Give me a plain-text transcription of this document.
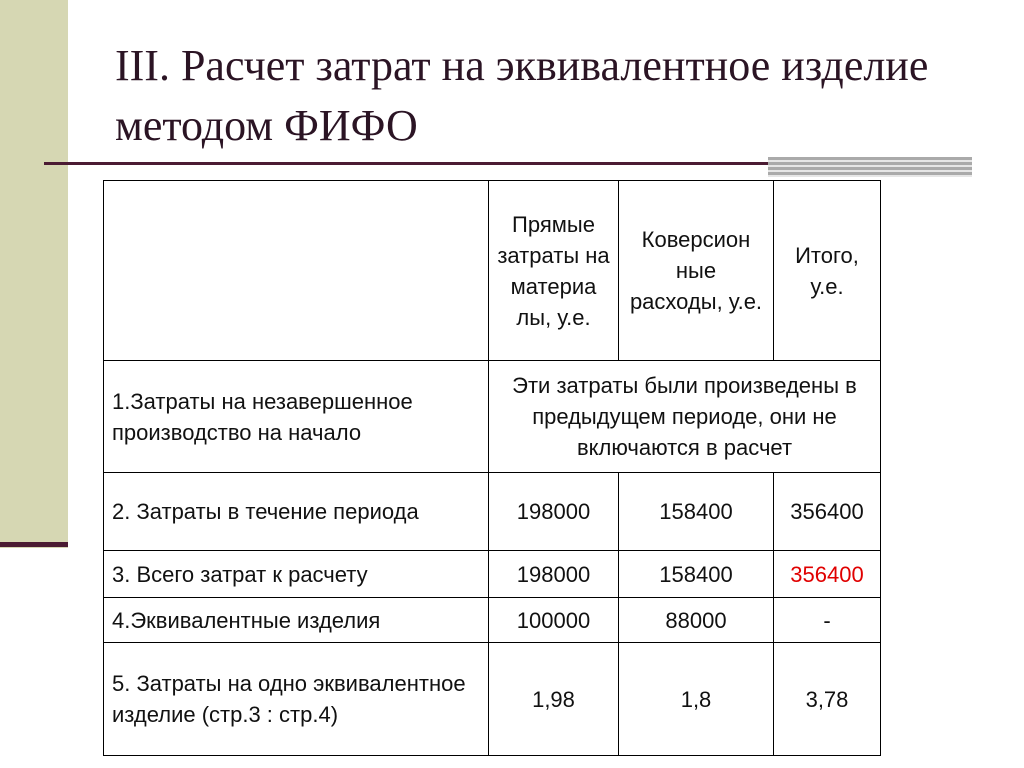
III. Расчет затрат на эквивалентное изделие методом ФИФО
	Прямые затраты на материа лы, у.е.	Коверсион ные расходы, у.е.	Итого, у.е.
1.Затраты на незавершенное производство на начало	Эти затраты были произведены в предыдущем периоде, они не включаются в расчет		
2. Затраты в течение периода	198000	158400	356400
3. Всего затрат к расчету	198000	158400	356400
4.Эквивалентные изделия	100000	88000	-
5. Затраты на одно эквивалентное изделие (стр.3 : стр.4)	1,98	1,8	3,78
